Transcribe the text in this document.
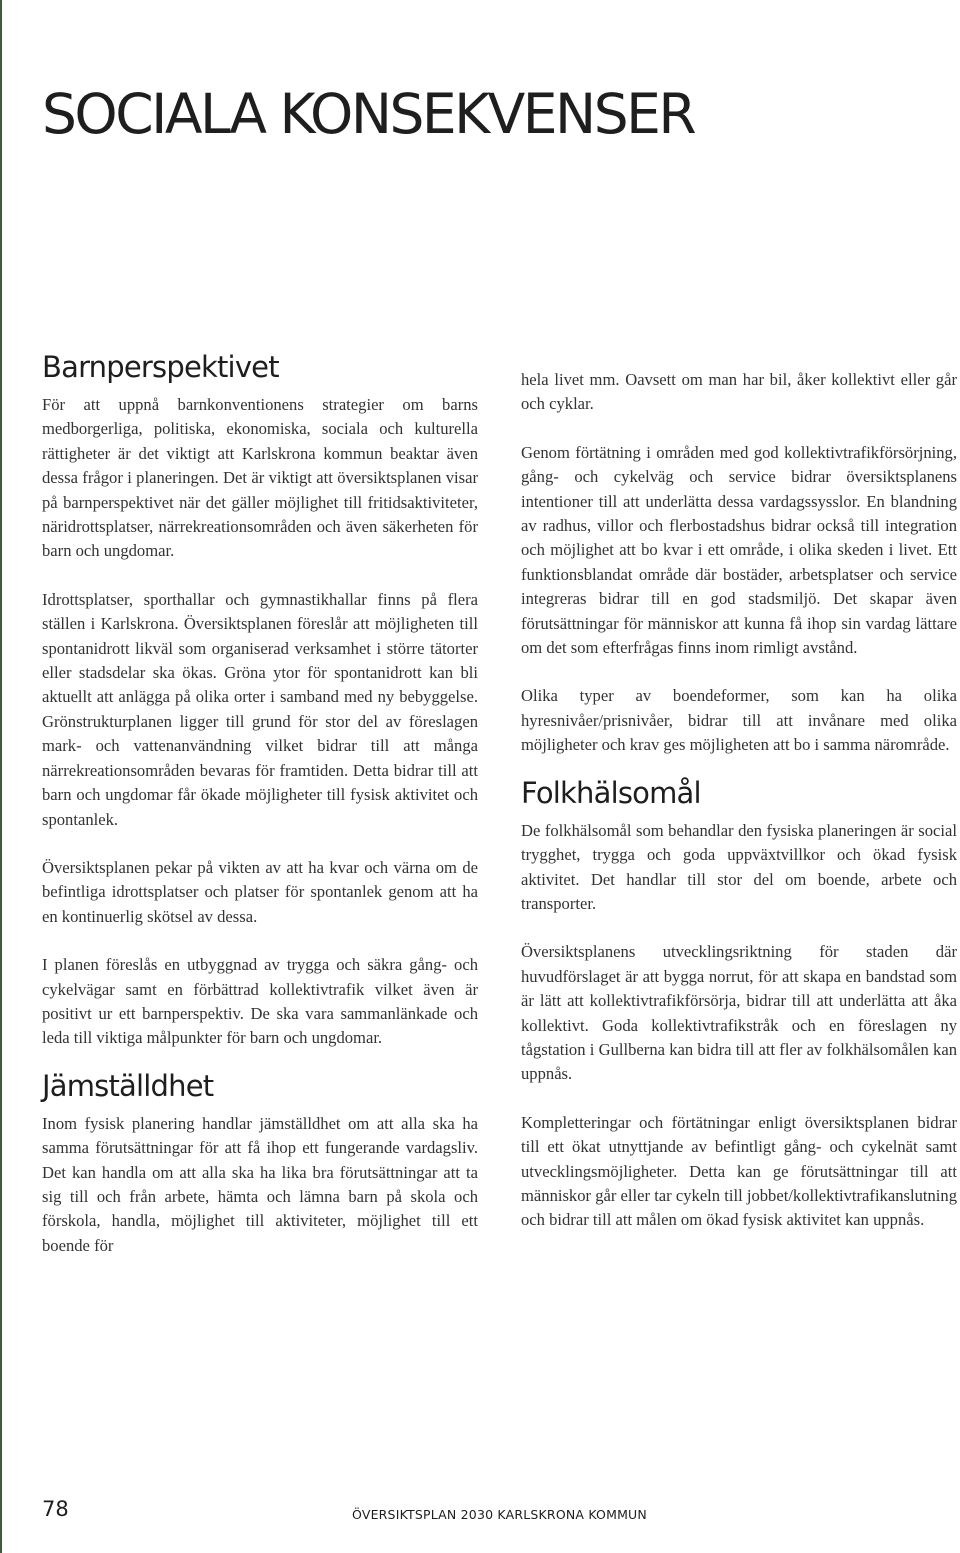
SOCIALA KONSEKVENSER
Barnperspektivet

För att uppnå barnkonventionens strategier om barns medborgerliga, politiska, ekonomiska, sociala och kulturella rättigheter är det viktigt att Karlskrona kommun beaktar även dessa frågor i planeringen. Det är viktigt att översiktsplanen visar på barnperspektivet när det gäller möjlighet till fritidsaktiviteter, näridrottsplatser, närrekreationsområden och även säkerheten för barn och ungdomar.

Idrottsplatser, sporthallar och gymnastikhallar finns på flera ställen i Karlskrona. Översiktsplanen föreslår att möjligheten till spontanidrott likväl som organiserad verksamhet i större tätorter eller stadsdelar ska ökas. Gröna ytor för spontanidrott kan bli aktuellt att anlägga på olika orter i samband med ny bebyggelse. Grönstrukturplanen ligger till grund för stor del av föreslagen mark- och vattenanvändning vilket bidrar till att många närrekreationsområden bevaras för framtiden. Detta bidrar till att barn och ungdomar får ökade möjligheter till fysisk aktivitet och spontanlek.

Översiktsplanen pekar på vikten av att ha kvar och värna om de befintliga idrottsplatser och platser för spontanlek genom att ha en kontinuerlig skötsel av dessa.

I planen föreslås en utbyggnad av trygga och säkra gång- och cykelvägar samt en förbättrad kollektivtrafik vilket även är positivt ur ett barnperspektiv. De ska vara sammanlänkade och leda till viktiga målpunkter för barn och ungdomar.

Jämställdhet

Inom fysisk planering handlar jämställdhet om att alla ska ha samma förutsättningar för att få ihop ett fungerande vardagsliv. Det kan handla om att alla ska ha lika bra förutsättningar att ta sig till och från arbete, hämta och lämna barn på skola och förskola, handla, möjlighet till aktiviteter, möjlighet till ett boende för

hela livet mm. Oavsett om man har bil, åker kollektivt eller går och cyklar.

Genom förtätning i områden med god kollektivtrafikförsörjning, gång- och cykelväg och service bidrar översiktsplanens intentioner till att underlätta dessa vardagssysslor. En blandning av radhus, villor och flerbostadshus bidrar också till integration och möjlighet att bo kvar i ett område, i olika skeden i livet. Ett funktionsblandat område där bostäder, arbetsplatser och service integreras bidrar till en god stadsmiljö. Det skapar även förutsättningar för människor att kunna få ihop sin vardag lättare om det som efterfrågas finns inom rimligt avstånd.

Olika typer av boendeformer, som kan ha olika hyresnivåer/prisnivåer, bidrar till att invånare med olika möjligheter och krav ges möjligheten att bo i samma närområde.

Folkhälsomål

De folkhälsomål som behandlar den fysiska planeringen är social trygghet, trygga och goda uppväxtvillkor och ökad fysisk aktivitet. Det handlar till stor del om boende, arbete och transporter.

Översiktsplanens utvecklingsriktning för staden där huvudförslaget är att bygga norrut, för att skapa en bandstad som är lätt att kollektivtrafikförsörja, bidrar till att underlätta att åka kollektivt. Goda kollektivtrafikstråk och en föreslagen ny tågstation i Gullberna kan bidra till att fler av folkhälsomålen kan uppnås.

Kompletteringar och förtätningar enligt översiktsplanen bidrar till ett ökat utnyttjande av befintligt gång- och cykelnät samt utvecklingsmöjligheter. Detta kan ge förutsättningar till att människor går eller tar cykeln till jobbet/kollektivtrafikanslutning och bidrar till att målen om ökad fysisk aktivitet kan uppnås.

78	ÖVERSIKTSPLAN 2030 KARLSKRONA KOMMUN
